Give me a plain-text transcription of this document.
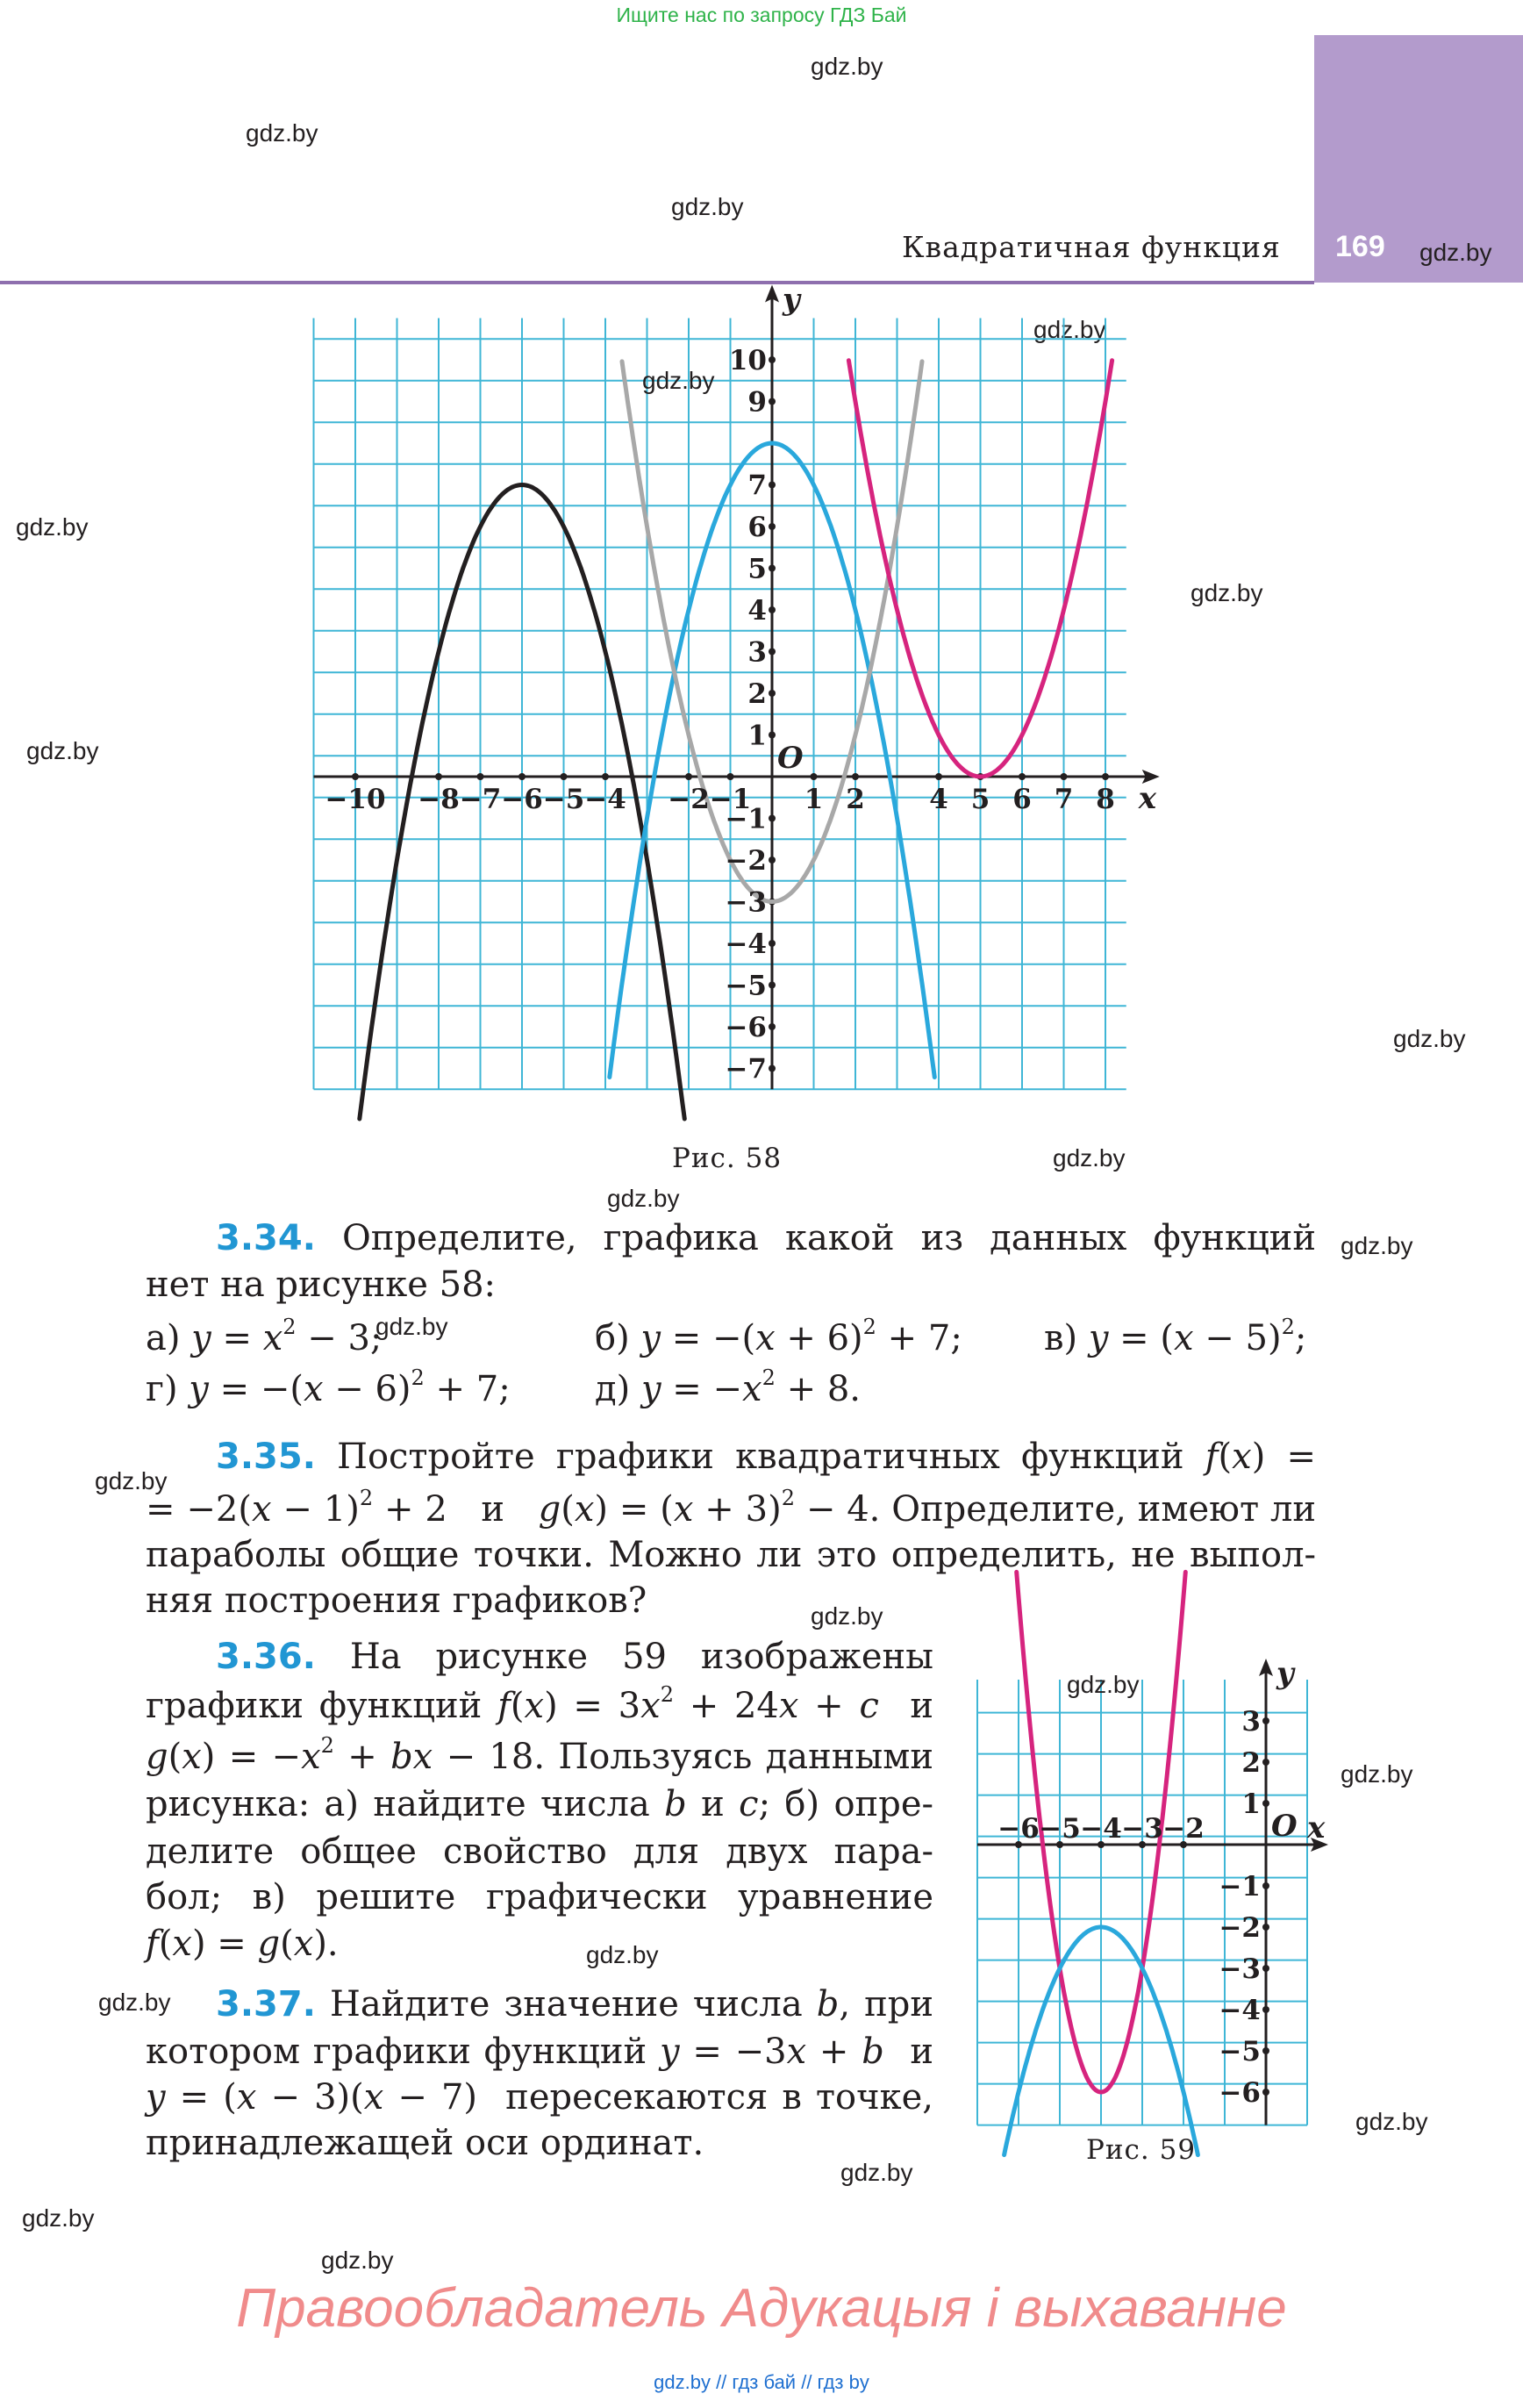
Ищите нас по запросу ГДЗ Бай
169
Квадратичная функция
gdz.by
gdz.by
gdz.by
gdz.by
gdz.by
gdz.by
gdz.by
gdz.by
gdz.by
gdz.by
gdz.by
gdz.by
gdz.by
gdz.by
gdz.by
gdz.by
gdz.by
gdz.by
gdz.by
gdz.by
gdz.by
−10 −8 −7 −6 −5 −4 −2 −1 1 2 4 5 6 7 8
10
9
7
6
5
4
3
2
1
−1
−2
−3
−4
−5
−6
−7
x
y
O
gdz.by
Рис. 58
3.34. Определите, графика какой из данных функций
нет на рисунке 58:
а) $y = x^2 - 3$;
gdz.by	б) $y = -(x + 6)^2 + 7$; в) $y = (x - 5)^2$;
г) $y = -(x - 6)^2 + 7$; д) $y = -x^2 + 8$.
3.35. Постройте графики квадратичных функций f(x) =
= $-2(x - 1)^2 + 2$   и $g(x) = (x + 3)^2 - 4$. Определите, имеют ли
параболы общие точки. Можно ли это определить, не выпол-
няя построения графиков?
3.36. На рисунке 59 изображены
графики функций $f(x) = 3x^2 + 24x + c$ и
$g(x) = -x^2$ + bx − 18. Пользуясь данными
рисунка: а) найдите числа b и c; б) опре-
делите общее свойство для двух пара-
бол; в) решите графически уравнение
f(x) = g(x).
3.37. Найдите значение числа b, при
котором графики функций y = −3x + b и
y = (x − 3)(x − 7)  пересекаются в точке,
принадлежащей оси ординат.
−6 −5 −4 −3 −2
3
2
1
−1
−2
−3
−4
−5
−6
x
y
O
gdz.by
Рис. 59
Правообладатель Адукацыя і выхаванне
gdz.by // гдз бай // гдз by
